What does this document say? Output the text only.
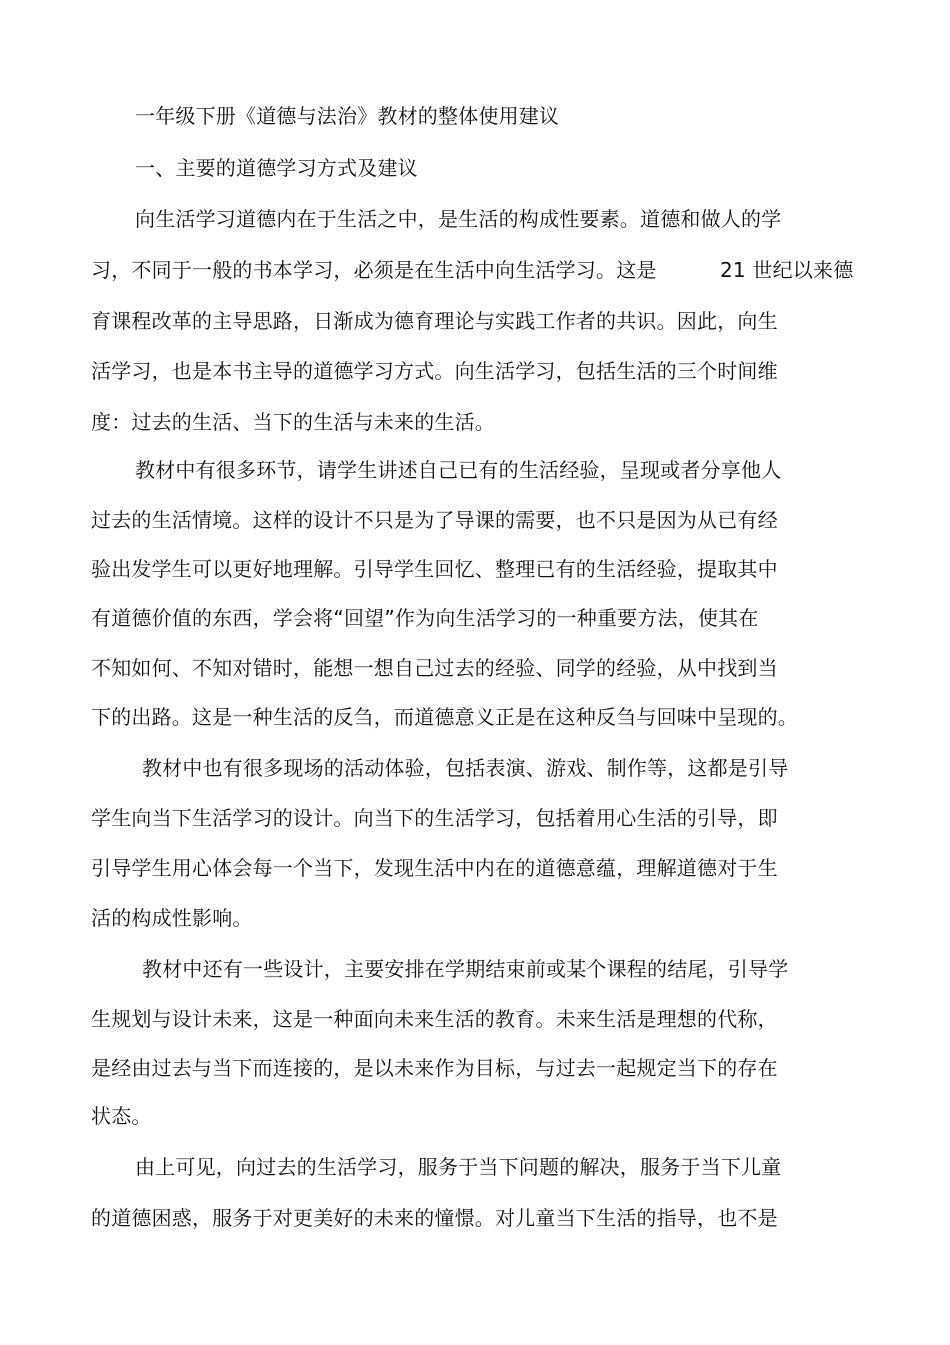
一年级下册《道德与法治》教材的整体使用建议
一、主要的道德学习方式及建议
向生活学习道德内在于生活之中，是生活的构成性要素。道德和做人的学
习，不同于一般的书本学习，必须是在生活中向生活学习。这是	21 世纪以来德
育课程改革的主导思路，日渐成为德育理论与实践工作者的共识。因此，向生
活学习，也是本书主导的道德学习方式。向生活学习，包括生活的三个时间维
度：过去的生活、当下的生活与未来的生活。
教材中有很多环节，请学生讲述自己已有的生活经验，呈现或者分享他人
过去的生活情境。这样的设计不只是为了导课的需要，也不只是因为从已有经
验出发学生可以更好地理解。引导学生回忆、整理已有的生活经验，提取其中
有道德价值的东西，学会将“回望”作为向生活学习的一种重要方法，使其在
不知如何、不知对错时，能想一想自己过去的经验、同学的经验，从中找到当
下的出路。这是一种生活的反刍，而道德意义正是在这种反刍与回味中呈现的。
教材中也有很多现场的活动体验，包括表演、游戏、制作等，这都是引导
学生向当下生活学习的设计。向当下的生活学习，包括着用心生活的引导，即
引导学生用心体会每一个当下，发现生活中内在的道德意蕴，理解道德对于生
活的构成性影响。
教材中还有一些设计，主要安排在学期结束前或某个课程的结尾，引导学
生规划与设计未来，这是一种面向未来生活的教育。未来生活是理想的代称，
是经由过去与当下而连接的，是以未来作为目标，与过去一起规定当下的存在
状态。
由上可见，向过去的生活学习，服务于当下问题的解决，服务于当下儿童
的道德困惑，服务于对更美好的未来的憧憬。对儿童当下生活的指导，也不是
